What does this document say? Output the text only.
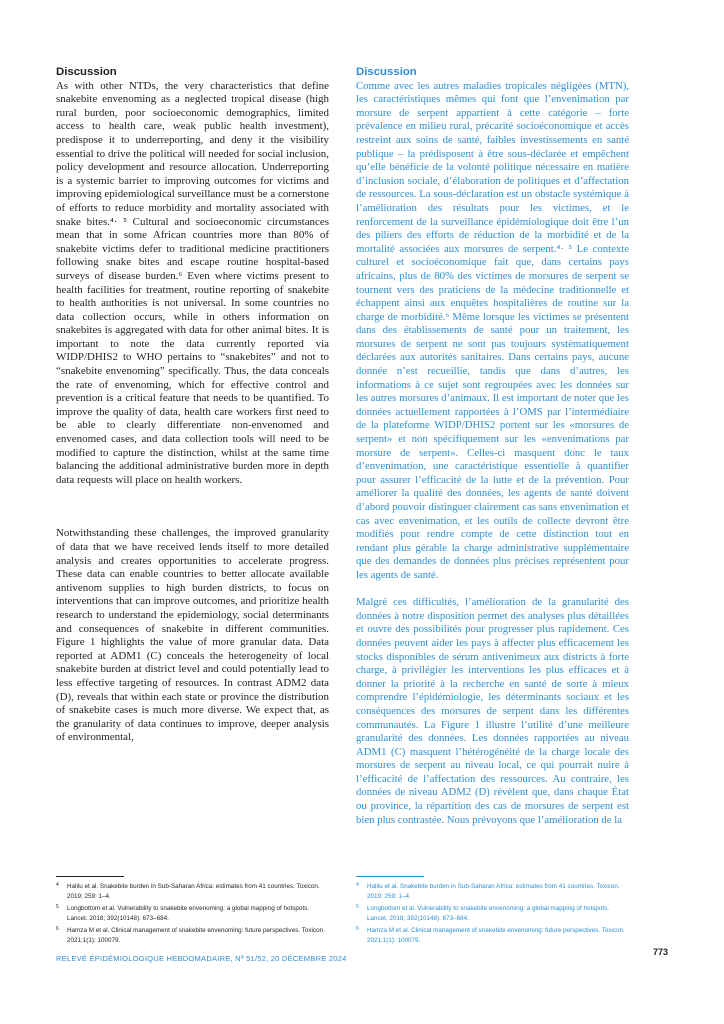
Discussion

As with other NTDs, the very characteristics that define snakebite envenoming as a neglected tropical disease (high rural burden, poor socioeconomic demographics, limited access to health care, weak public health investment), predispose it to underreporting, and deny it the visibility essential to drive the political will needed for social inclusion, policy development and resource allocation. Underreporting is a systemic barrier to improving outcomes for victims and improving epidemiological surveillance must be a cornerstone of efforts to reduce morbidity and mortality associated with snake bites.⁴· ⁵ Cultural and socioeconomic circumstances mean that in some African countries more than 80% of snakebite victims defer to traditional medicine practitioners following snake bites and escape routine hospital-based surveys of disease burden.⁶ Even where victims present to health facilities for treatment, routine reporting of snakebite to health authorities is not universal. In some countries no data collection occurs, while in others information on snakebites is aggregated with data for other animal bites. It is important to note the data currently reported via WIDP/DHIS2 to WHO pertains to “snakebites” and not to “snakebite envenoming” specifically. Thus, the data conceals the rate of envenoming, which for effective control and prevention is a critical feature that needs to be quantified. To improve the quality of data, health care workers first need to be able to clearly differentiate non-envenomed and envenomed cases, and data collection tools will need to be modified to capture the distinction, whilst at the same time balancing the additional administrative burden more in depth data requests will place on health workers.

Notwithstanding these challenges, the improved granularity of data that we have received lends itself to more detailed analysis and creates opportunities to accelerate progress. These data can enable countries to better allocate available antivenom supplies to high burden districts, to focus on interventions that can improve outcomes, and prioritize health research to understand the epidemiology, social determinants and consequences of snakebite in different communities. Figure 1 highlights the value of more granular data. Data reported at ADM1 (C) conceals the heterogeneity of local snakebite burden at district level and could potentially lead to less effective targeting of resources. In contrast ADM2 data (D), reveals that within each state or province the distribution of snakebite cases is much more diverse. We expect that, as the granularity of data continues to improve, deeper analysis of environmental,

Discussion

Comme avec les autres maladies tropicales négligées (MTN), les caractéristiques mêmes qui font que l’envenimation par morsure de serpent appartient à cette catégorie – forte prévalence en milieu rural, précarité socioéconomique et accès restreint aux soins de santé, faibles investissements en santé publique – la prédisposent à être sous-déclarée et empêchent qu’elle bénéficie de la volonté politique nécessaire en matière d’inclusion sociale, d’élaboration de politiques et d’affectation de ressources. La sous-déclaration est un obstacle systémique à l’amélioration des résultats pour les victimes, et le renforcement de la surveillance épidémiologique doit être l’un des piliers des efforts de réduction de la morbidité et de la mortalité associées aux morsures de serpent.⁴· ⁵ Le contexte culturel et socioéconomique fait que, dans certains pays africains, plus de 80% des victimes de morsures de serpent se tournent vers des praticiens de la médecine traditionnelle et échappent ainsi aux enquêtes hospitalières de routine sur la charge de morbidité.⁶ Même lorsque les victimes se présentent dans des établissements de santé pour un traitement, les morsures de serpent ne sont pas toujours systématiquement déclarées aux autorités sanitaires. Dans certains pays, aucune donnée n’est recueillie, tandis que dans d’autres, les informations à ce sujet sont regroupées avec les données sur les autres morsures d’animaux. Il est important de noter que les données actuellement rapportées à l’OMS par l’intermédiaire de la plateforme WIDP/DHIS2 portent sur les «morsures de serpent» et non spécifiquement sur les «envenimations par morsure de serpent». Celles-ci masquent donc le taux d’envenimation, une caractéristique essentielle à quantifier pour assurer l’efficacité de la lutte et de la prévention. Pour améliorer la qualité des données, les agents de santé doivent d’abord pouvoir distinguer clairement cas sans envenimation et cas avec envenimation, et les outils de collecte devront être modifiés pour rendre compte de cette distinction tout en rendant plus gérable la charge administrative supplémentaire que des demandes de données plus précises représentent pour les agents de santé.

Malgré ces difficultés, l’amélioration de la granularité des données à notre disposition permet des analyses plus détaillées et ouvre des possibilités pour progresser plus rapidement. Ces données peuvent aider les pays à affecter plus efficacement les stocks disponibles de sérum antivenimeux aux districts à forte charge, à privilégier les interventions les plus efficaces et à donner la priorité à la recherche en santé de sorte à mieux comprendre l’épidémiologie, les déterminants sociaux et les conséquences des morsures de serpent dans les différentes communautés. La Figure 1 illustre l’utilité d’une meilleure granularité des données. Les données rapportées au niveau ADM1 (C) masquent l’hétérogénéité de la charge locale des morsures de serpent au niveau local, ce qui pourrait nuire à l’efficacité de l’affectation des ressources. Au contraire, les données de niveau ADM2 (D) révèlent que, dans chaque État ou province, la répartition des cas de morsures de serpent est bien plus contrastée. Nous prévoyons que l’amélioration de la

4 Halilu et al. Snakebite burden in Sub-Saharan Africa: estimates from 41 countries. Toxicon. 2019; 259: 1–4.
5 Longbottom et al. Vulnerability to snakebite envenoming: a global mapping of hotspots. Lancet. 2018; 392(10148): 673–684.
6 Hamza M et al. Clinical management of snakebite envenoming: future perspectives. Toxicon. 2021;1(1): 100079.
4 Halilu et al. Snakebite burden in Sub-Saharan Africa: estimates from 41 countries. Toxicon. 2019; 259: 1–4.
5 Longbottom et al. Vulnerability to snakebite envenoming: a global mapping of hotspots. Lancet. 2018; 392(10148): 673–684.
6 Hamza M et al. Clinical management of snakebite envenoming: future perspectives. Toxicon. 2021;1(1): 100079.
RELEVÉ ÉPIDÉMIOLOGIQUE HEBDOMADAIRE, Nº 51/52, 20 DÉCEMBRE 2024
773
